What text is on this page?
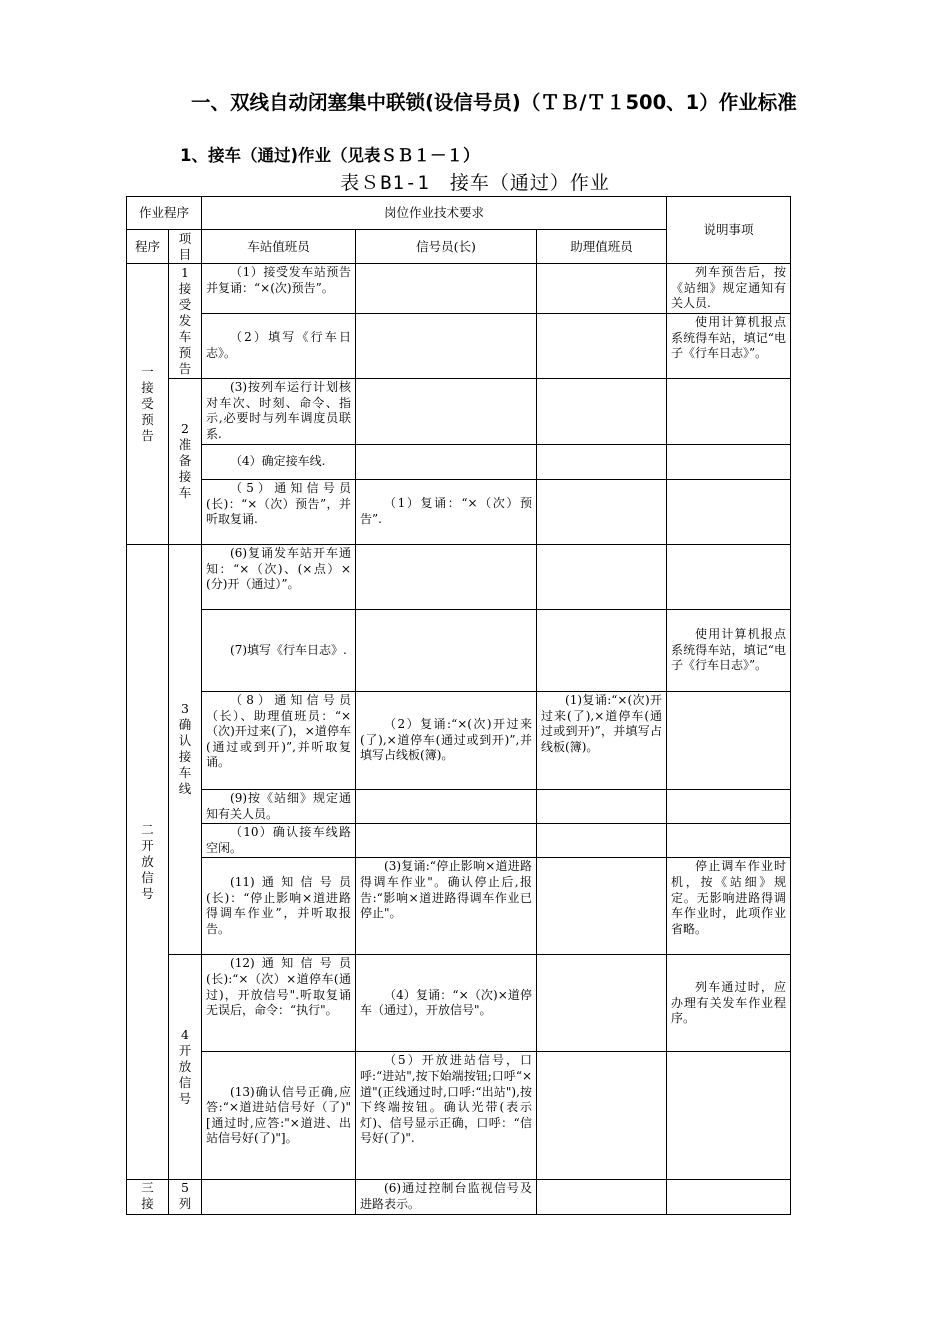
一、双线自动闭塞集中联锁(设信号员)（ＴＢ/Ｔ１500、1）作业标准
1、接车（通过)作业（见表ＳＢ１－１）
表ＳB1-1　接车（通过）作业
作业程序		岗位作业技术要求			说明事项
程序	项目	车站值班员	信号员(长)	助理值班员	
一接受预告	1接受发车预告	（1）接受发车站预告并复诵：“×(次)预告”。			列车预告后，按《站细》规定通知有关人员.
		（2）填写《行车日志》。			使用计算机报点系统得车站，填记“电子《行车日志》”。
	2准备接车	(3)按列车运行计划核对车次、时刻、命令、指示,必要时与列车调度员联系.			
		（4）确定接车线.			
		（5）通知信号员(长)：“×（次）预告”，并听取复诵.	（1）复诵：“×（次）预告”.		
二开放信号	3确认接车线	(6)复诵发车站开车通知：“×（次)、(×点）×(分)开（通过）”。			
		(7)填写《行车日志》.			使用计算机报点系统得车站，填记“电子《行车日志》”。
		（8）通知信号员（长）、助理值班员：“×（次)开过来(了)，×道停车(通过或到开)”,并听取复诵。	（2）复诵:“×(次)开过来(了),×道停车(通过或到开)”,并填写占线板(簿)。	(1)复诵:“×(次)开过来(了),×道停车(通过或到开)”，并填写占线板(簿)。	
		(9)按《站细》规定通知有关人员。			
		（10）确认接车线路空闲。			
		(11)通知信号员(长)：“停止影响×道进路得调车作业”，并听取报告。	(3)复诵:“停止影响×道进路得调车作业"。确认停止后,报告:“影响×道进路得调车作业已停止"。		停止调车作业时机，按《站细》规定。无影响进路得调车作业时，此项作业省略。
	4开放信号	(12)通知信号员(长):“×（次）×道停车(通过)，开放信号".听取复诵无误后，命令：“执行"。	（4）复诵：“×（次)×道停车（通过），开放信号"。		列车通过时，应办理有关发车作业程序。
		(13)确认信号正确,应答:“×道进站信号好（了)"[通过时,应答:"×道进、出站信号好(了)"]。	（5）开放进站信号，口呼:“进站",按下始端按钮;口呼“×道"(正线通过时,口呼:“出站"),按下终端按钮。确认光带(表示灯)、信号显示正确，口呼：“信号好(了)".		
三接	5列		(6)通过控制台监视信号及进路表示。		
